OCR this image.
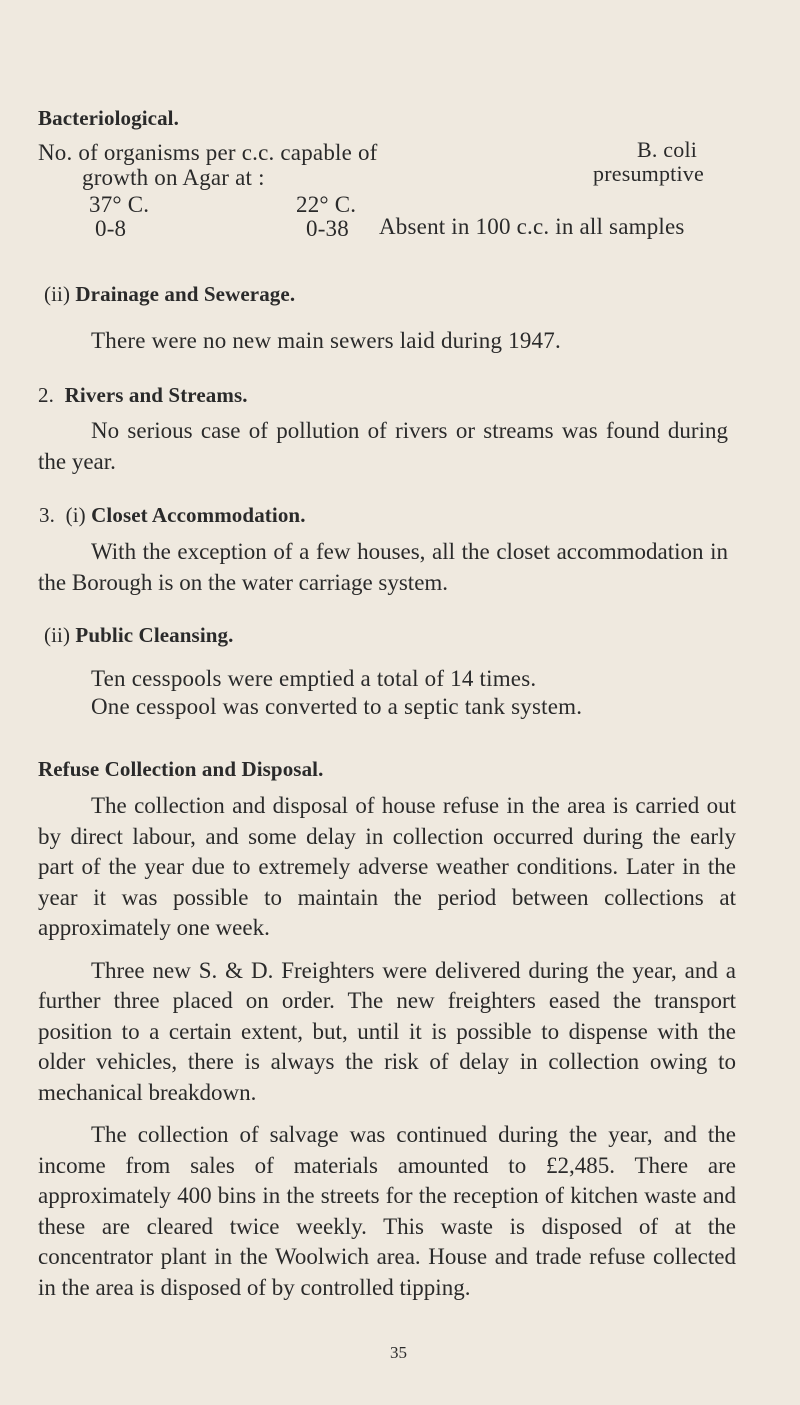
Bacteriological.
No. of organisms per c.c. capable of
growth on Agar at :
B. coli
presumptive
37° C.	22° C.
0-8	0-38 Absent in 100 c.c. in all samples
(ii) Drainage and Sewerage.
There were no new main sewers laid during 1947.
2. Rivers and Streams.

No serious case of pollution of rivers or streams was found during the year.

3. (i) Closet Accommodation.

With the exception of a few houses, all the closet accommodation in the Borough is on the water carriage system.

(ii) Public Cleansing.
Ten cesspools were emptied a total of 14 times.
One cesspool was converted to a septic tank system.
Refuse Collection and Disposal.

The collection and disposal of house refuse in the area is carried out by direct labour, and some delay in collection occurred during the early part of the year due to extremely adverse weather conditions. Later in the year it was possible to maintain the period between collections at approximately one week.

Three new S. & D. Freighters were delivered during the year, and a further three placed on order. The new freighters eased the transport position to a certain extent, but, until it is possible to dispense with the older vehicles, there is always the risk of delay in collection owing to mechanical breakdown.

The collection of salvage was continued during the year, and the income from sales of materials amounted to £2,485. There are approximately 400 bins in the streets for the reception of kitchen waste and these are cleared twice weekly. This waste is disposed of at the concentrator plant in the Woolwich area. House and trade refuse collected in the area is disposed of by controlled tipping.

35
